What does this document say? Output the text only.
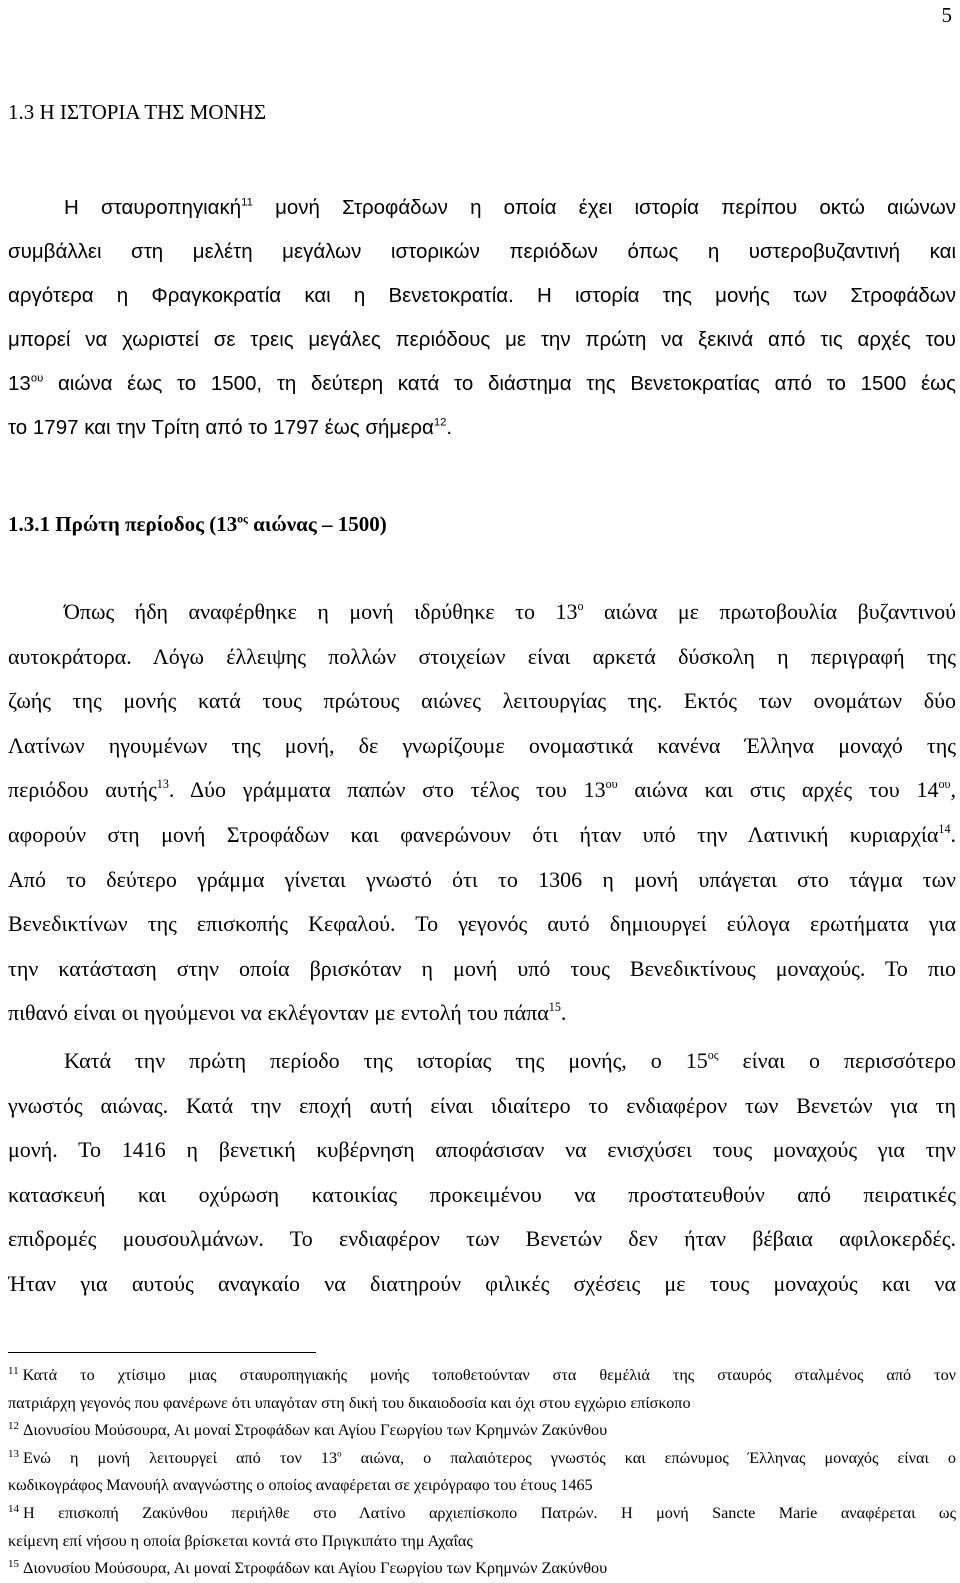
5
1.3 Η ΙΣΤΟΡΙΑ ΤΗΣ ΜΟΝΗΣ
Η σταυροπηγιακή$^{11}$ μονή Στροφάδων η οποία έχει ιστορία περίπου οκτώ αιώνων
συμβάλλει στη μελέτη μεγάλων ιστορικών περιόδων όπως η υστεροβυζαντινή και
αργότερα η Φραγκοκρατία και η Βενετοκρατία. Η ιστορία της μονής των Στροφάδων
μπορεί να χωριστεί σε τρεις μεγάλες περιόδους με την πρώτη να ξεκινά από τις αρχές του
$13^{o\upsilon}$ αιώνα έως το 1500, τη δεύτερη κατά το διάστημα της Βενετοκρατίας από το 1500 έως
το 1797 και την Τρίτη από το 1797 έως σήμερα$^{12}$.
1.3.1 Πρώτη περίοδος ($13^{o\varsigma}$ αιώνας – 1500)
Όπως ήδη αναφέρθηκε η μονή ιδρύθηκε το $13^o$ αιώνα με πρωτοβουλία βυζαντινού
αυτοκράτορα. Λόγω έλλειψης πολλών στοιχείων είναι αρκετά δύσκολη η περιγραφή της
ζωής της μονής κατά τους πρώτους αιώνες λειτουργίας της. Εκτός των ονομάτων δύο
Λατίνων ηγουμένων της μονή, δε γνωρίζουμε ονομαστικά κανένα Έλληνα μοναχό της
περιόδου αυτής$^{13}$. Δύο γράμματα παπών στο τέλος του $13^{o\upsilon}$ αιώνα και στις αρχές του $14^{o\upsilon}$,
αφορούν στη μονή Στροφάδων και φανερώνουν ότι ήταν υπό την Λατινική κυριαρχία$^{14}$.
Από το δεύτερο γράμμα γίνεται γνωστό ότι το 1306 η μονή υπάγεται στο τάγμα των
Βενεδικτίνων της επισκοπής Κεφαλού. Το γεγονός αυτό δημιουργεί εύλογα ερωτήματα για
την κατάσταση στην οποία βρισκόταν η μονή υπό τους Βενεδικτίνους μοναχούς. Το πιο
πιθανό είναι οι ηγούμενοι να εκλέγονταν με εντολή του πάπα$^{15}$.
Κατά την πρώτη περίοδο της ιστορίας της μονής, ο $15^{o\varsigma}$ είναι ο περισσότερο
γνωστός αιώνας. Κατά την εποχή αυτή είναι ιδιαίτερο το ενδιαφέρον των Βενετών για τη
μονή. Το 1416 η βενετική κυβέρνηση αποφάσισαν να ενισχύσει τους μοναχούς για την
κατασκευή και οχύρωση κατοικίας προκειμένου να προστατευθούν από πειρατικές
επιδρομές μουσουλμάνων. Το ενδιαφέρον των Βενετών δεν ήταν βέβαια αφιλοκερδές.
Ήταν για αυτούς αναγκαίο να διατηρούν φιλικές σχέσεις με τους μοναχούς και να
$^{11}$ Κατά το χτίσιμο μιας σταυροπηγιακής μονής τοποθετούνταν στα θεμέλιά της σταυρός σταλμένος από τον
πατριάρχη γεγονός που φανέρωνε ότι υπαγόταν στη δική του δικαιοδοσία και όχι στου εγχώριο επίσκοπο
$^{12}$ Διονυσίου Μούσουρα, Αι μοναί Στροφάδων και Αγίου Γεωργίου των Κρημνών Ζακύνθου
$^{13}$ Ενώ η μονή λειτουργεί από τον $13^o$ αιώνα, ο παλαιότερος γνωστός και επώνυμος Έλληνας μοναχός είναι ο
κωδικογράφος Μανουήλ αναγνώστης ο οποίος αναφέρεται σε χειρόγραφο του έτους 1465
$^{14}$ Η επισκοπή Ζακύνθου περιήλθε στο Λατίνο αρχιεπίσκοπο Πατρών. Η μονή Sancte Marie αναφέρεται ως
κείμενη επί νήσου η οποία βρίσκεται κοντά στο Πριγκιπάτο τημ Αχαΐας
$^{15}$ Διονυσίου Μούσουρα, Αι μοναί Στροφάδων και Αγίου Γεωργίου των Κρημνών Ζακύνθου
